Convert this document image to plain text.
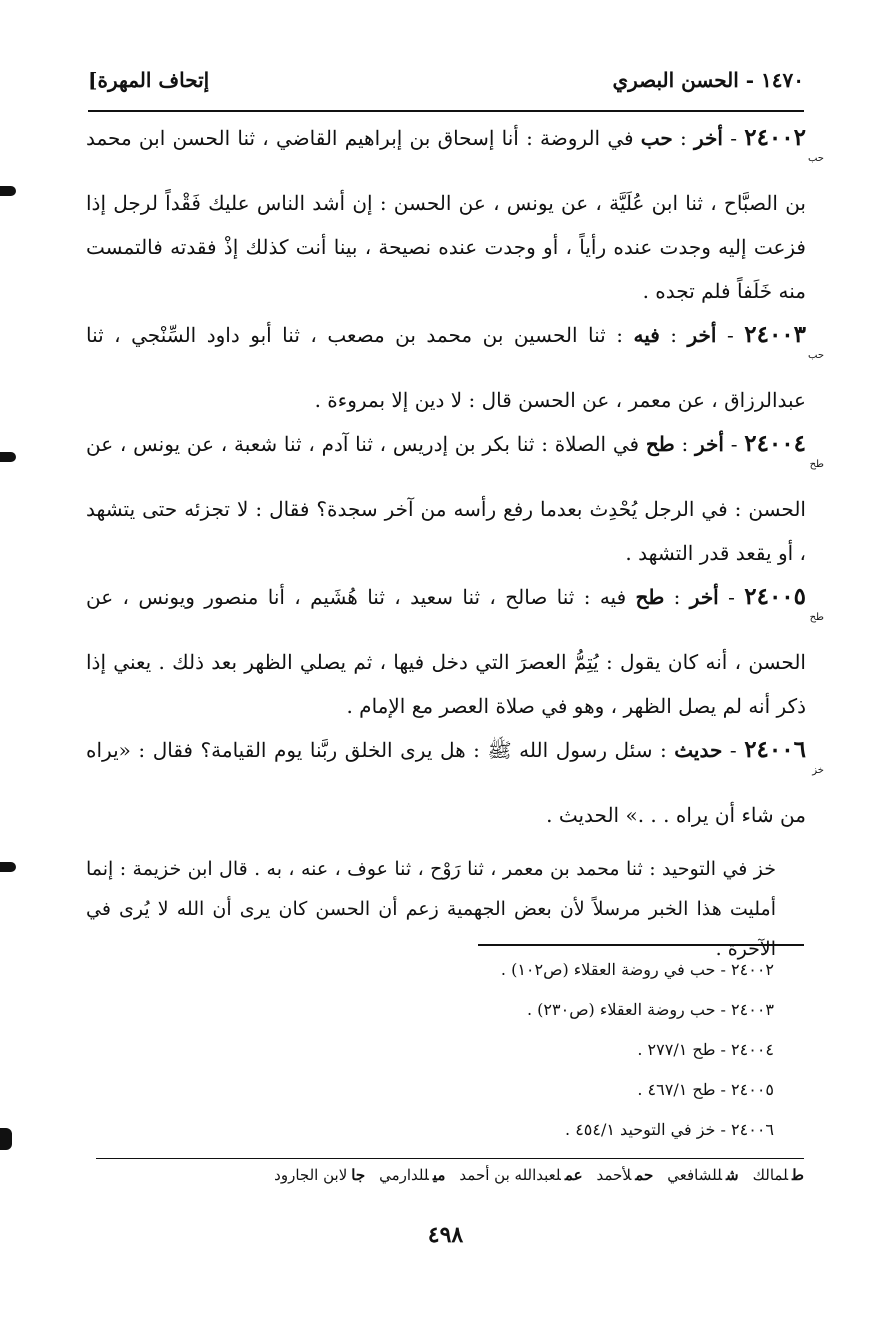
[إتحاف المهرة	١٤٧٠ - الحسن البصري

حب٢٤٠٠٢ - أخر : حب في الروضة : أنا إسحاق بن إبراهيم القاضي ، ثنا الحسن ابن محمد بن الصبَّاح ، ثنا ابن عُلَيَّة ، عن يونس ، عن الحسن : إن أشد الناس عليك فَقْداً لرجل إذا فزعت إليه وجدت عنده رأياً ، أو وجدت عنده نصيحة ، بينا أنت كذلك إذْ فقدته فالتمست منه خَلَفاً فلم تجده .

حب٢٤٠٠٣ - أخر : فيه : ثنا الحسين بن محمد بن مصعب ، ثنا أبو داود السِّنْجي ، ثنا عبدالرزاق ، عن معمر ، عن الحسن قال : لا دين إلا بمروءة .

طح٢٤٠٠٤ - أخر : طح في الصلاة : ثنا بكر بن إدريس ، ثنا آدم ، ثنا شعبة ، عن يونس ، عن الحسن : في الرجل يُحْدِث بعدما رفع رأسه من آخر سجدة؟ فقال : لا تجزئه حتى يتشهد ، أو يقعد قدر التشهد .

طح٢٤٠٠٥ - أخر : طح فيه : ثنا صالح ، ثنا سعيد ، ثنا هُشَيم ، أنا منصور ويونس ، عن الحسن ، أنه كان يقول : يُتِمُّ العصرَ التي دخل فيها ، ثم يصلي الظهر بعد ذلك . يعني إذا ذكر أنه لم يصل الظهر ، وهو في صلاة العصر مع الإمام .

خز٢٤٠٠٦ - حديث : سئل رسول الله ﷺ : هل يرى الخلق ربَّنا يوم القيامة؟ فقال : «يراه من شاء أن يراه . . .» الحديث .

خز في التوحيد : ثنا محمد بن معمر ، ثنا رَوْح ، ثنا عوف ، عنه ، به . قال ابن خزيمة : إنما أمليت هذا الخبر مرسلاً لأن بعض الجهمية زعم أن الحسن كان يرى أن الله لا يُرى في الآخرة .

٢٤٠٠٢ - حب في روضة العقلاء (ص١٠٢) .

٢٤٠٠٣ - حب روضة العقلاء (ص٢٣٠) .

٢٤٠٠٤ - طح ٢٧٧/١ .

٢٤٠٠٥ - طح ٤٦٧/١ .

٢٤٠٠٦ - خز في التوحيد ٤٥٤/١ .

طلمالك
شللشافعي
حملأحمد
عملعبدالله بن أحمد
ميللدارمي
جالابن الجارود
٤٩٨
